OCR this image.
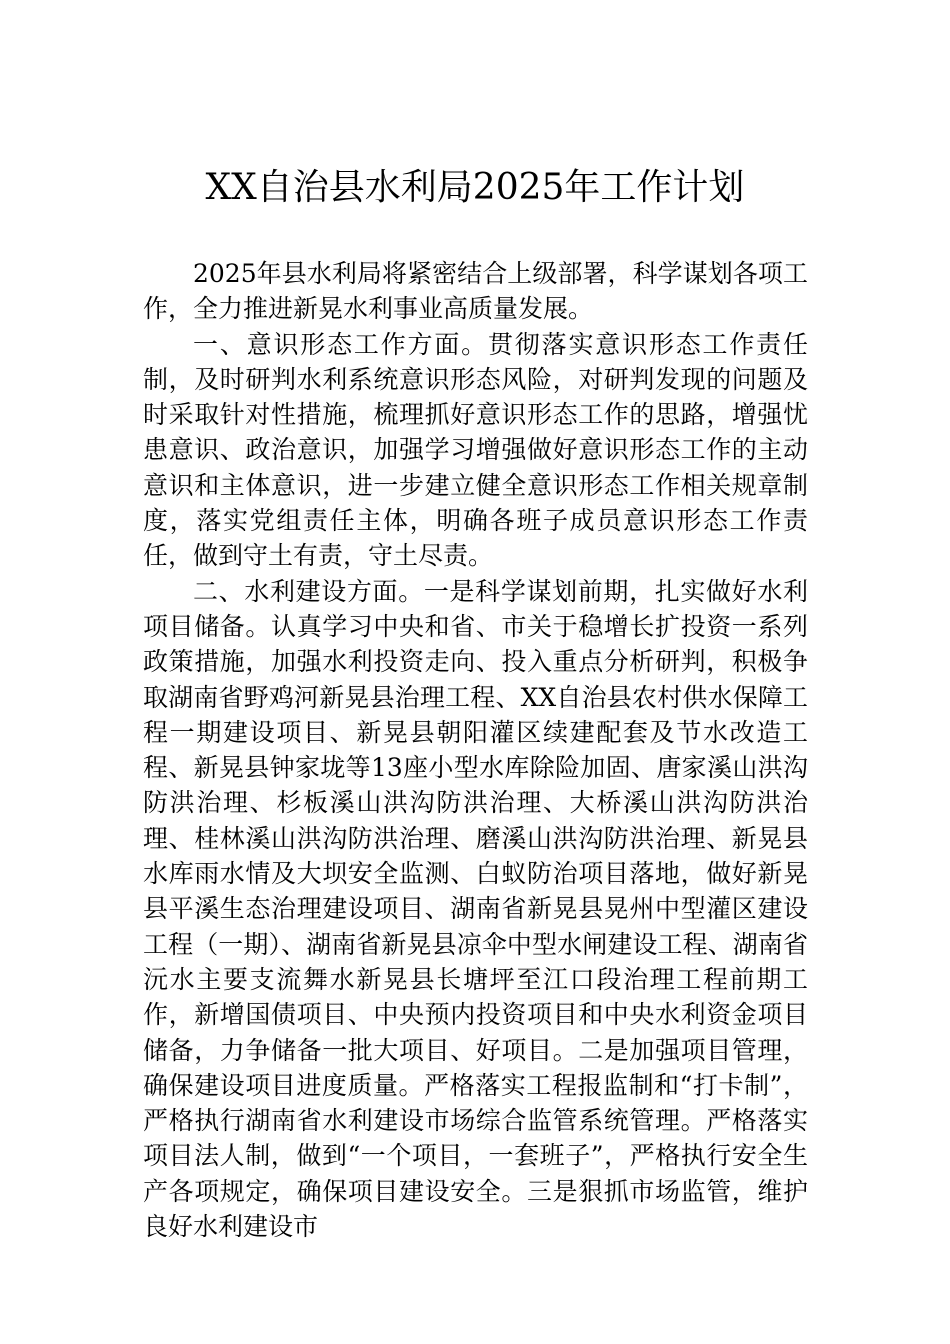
XX自治县水利局2025年工作计划

2025年县水利局将紧密结合上级部署，科学谋划各项工作，全力推进新晃水利事业高质量发展。

一、意识形态工作方面。贯彻落实意识形态工作责任制，及时研判水利系统意识形态风险，对研判发现的问题及时采取针对性措施，梳理抓好意识形态工作的思路，增强忧患意识、政治意识，加强学习增强做好意识形态工作的主动意识和主体意识，进一步建立健全意识形态工作相关规章制度，落实党组责任主体，明确各班子成员意识形态工作责任，做到守土有责，守土尽责。

二、水利建设方面。一是科学谋划前期，扎实做好水利项目储备。认真学习中央和省、市关于稳增长扩投资一系列政策措施，加强水利投资走向、投入重点分析研判，积极争取湖南省野鸡河新晃县治理工程、XX自治县农村供水保障工程一期建设项目、新晃县朝阳灌区续建配套及节水改造工程、新晃县钟家垅等13座小型水库除险加固、唐家溪山洪沟防洪治理、杉板溪山洪沟防洪治理、大桥溪山洪沟防洪治理、桂林溪山洪沟防洪治理、磨溪山洪沟防洪治理、新晃县水库雨水情及大坝安全监测、白蚁防治项目落地，做好新晃县平溪生态治理建设项目、湖南省新晃县晃州中型灌区建设工程（一期）、湖南省新晃县凉伞中型水闸建设工程、湖南省沅水主要支流舞水新晃县长塘坪至江口段治理工程前期工作，新增国债项目、中央预内投资项目和中央水利资金项目储备，力争储备一批大项目、好项目。二是加强项目管理，确保建设项目进度质量。严格落实工程报监制和“打卡制”，严格执行湖南省水利建设市场综合监管系统管理。严格落实项目法人制，做到“一个项目，一套班子”，严格执行安全生产各项规定，确保项目建设安全。三是狠抓市场监管，维护良好水利建设市
